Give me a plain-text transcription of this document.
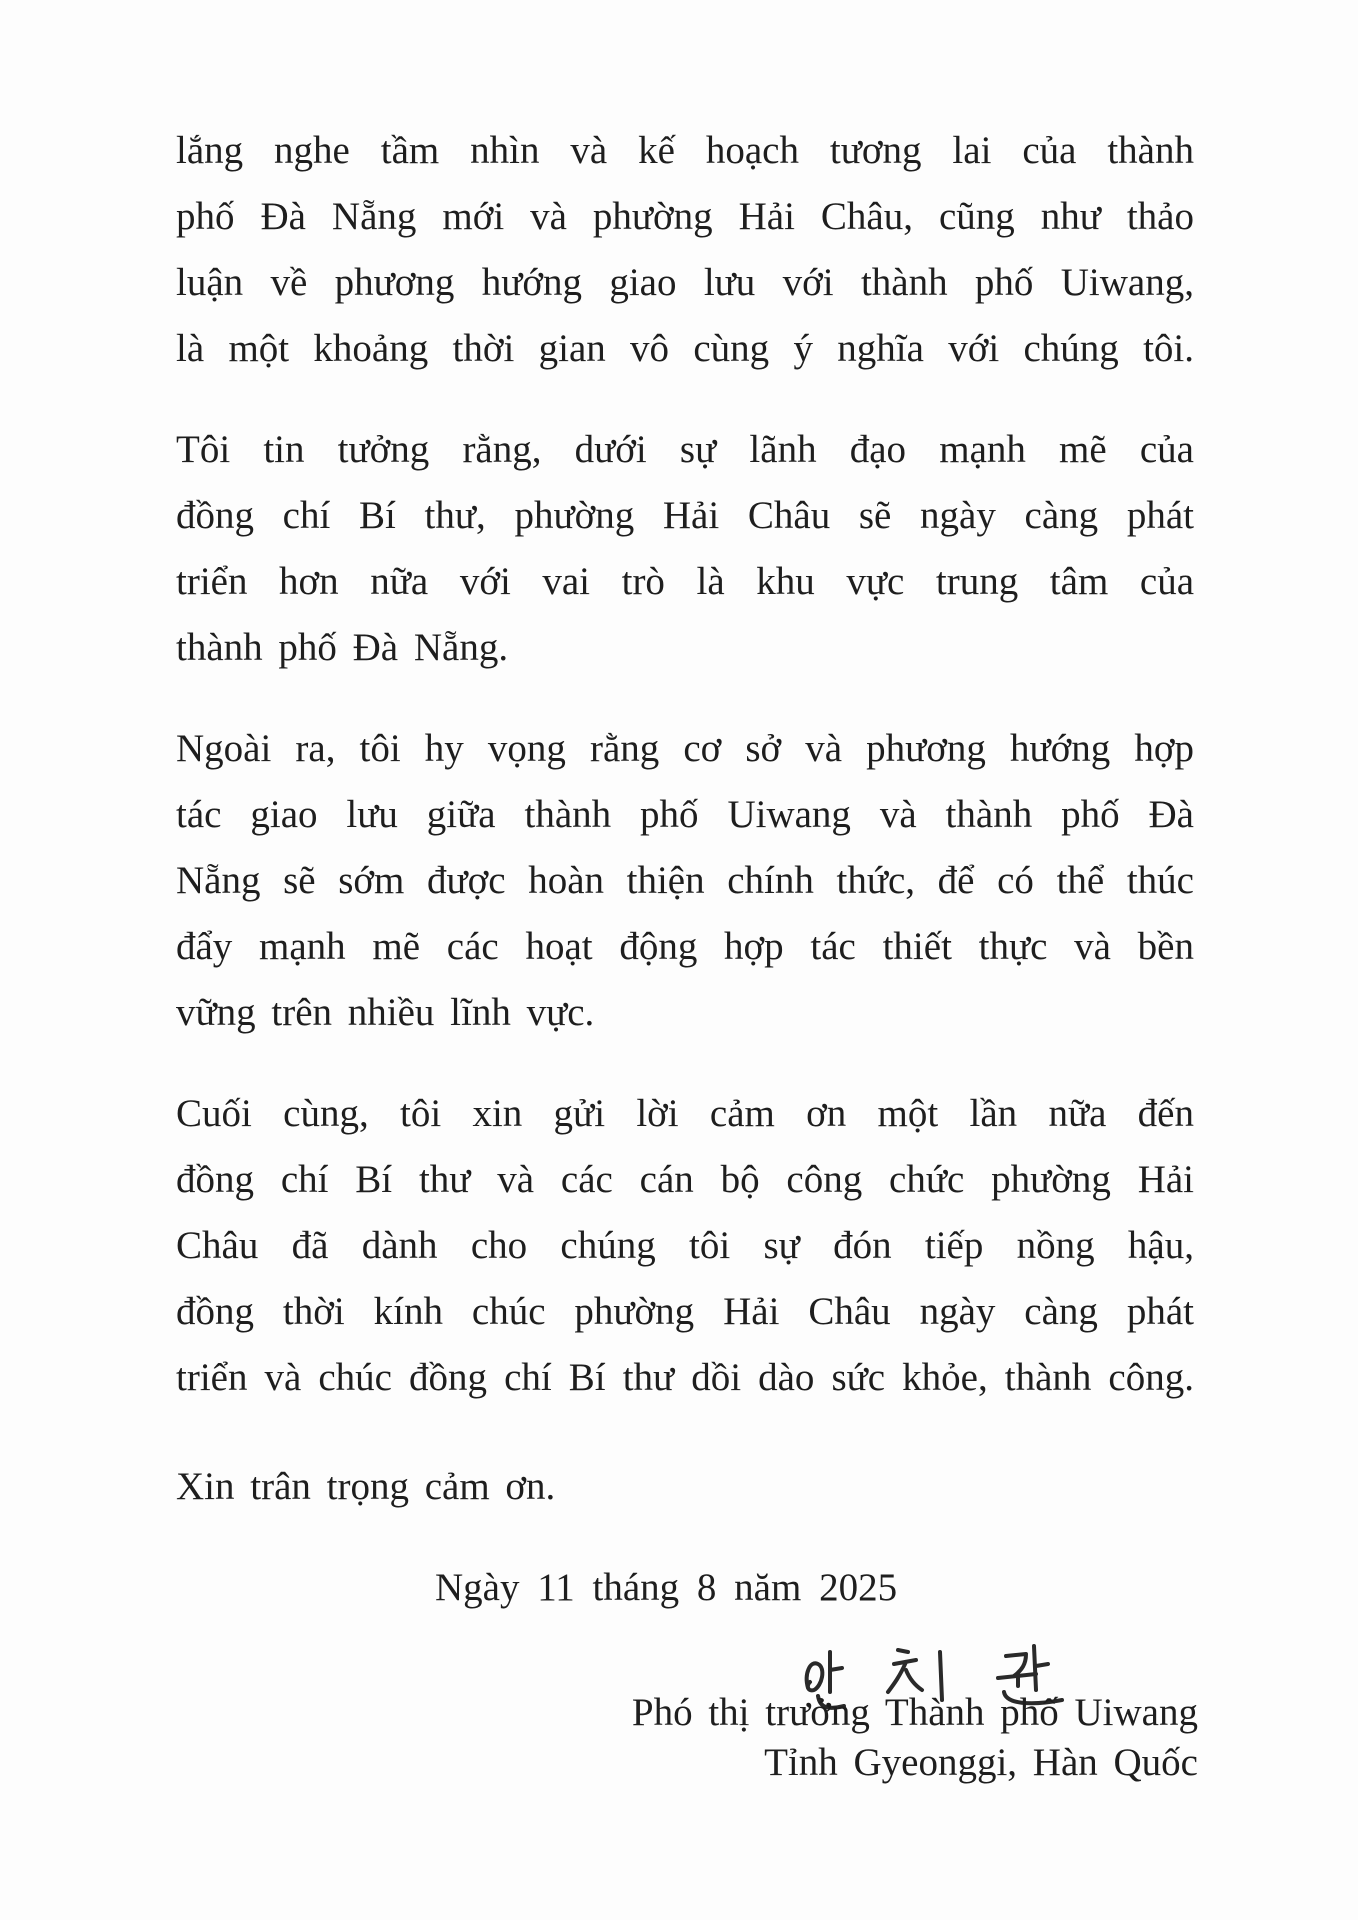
lắng nghe tầm nhìn và kế hoạch tương lai của thành
phố Đà Nẵng mới và phường Hải Châu, cũng như thảo
luận về phương hướng giao lưu với thành phố Uiwang,
là một khoảng thời gian vô cùng ý nghĩa với chúng tôi.
Tôi tin tưởng rằng, dưới sự lãnh đạo mạnh mẽ của
đồng chí Bí thư, phường Hải Châu sẽ ngày càng phát
triển hơn nữa với vai trò là khu vực trung tâm của
thành phố Đà Nẵng.
Ngoài ra, tôi hy vọng rằng cơ sở và phương hướng hợp
tác giao lưu giữa thành phố Uiwang và thành phố Đà
Nẵng sẽ sớm được hoàn thiện chính thức, để có thể thúc
đẩy mạnh mẽ các hoạt động hợp tác thiết thực và bền
vững trên nhiều lĩnh vực.
Cuối cùng, tôi xin gửi lời cảm ơn một lần nữa đến
đồng chí Bí thư và các cán bộ công chức phường Hải
Châu đã dành cho chúng tôi sự đón tiếp nồng hậu,
đồng thời kính chúc phường Hải Châu ngày càng phát
triển và chúc đồng chí Bí thư dồi dào sức khỏe, thành công.
Xin trân trọng cảm ơn.
Ngày 11 tháng 8 năm 2025
Phó thị trưởng Thành phố Uiwang
Tỉnh Gyeonggi, Hàn Quốc
